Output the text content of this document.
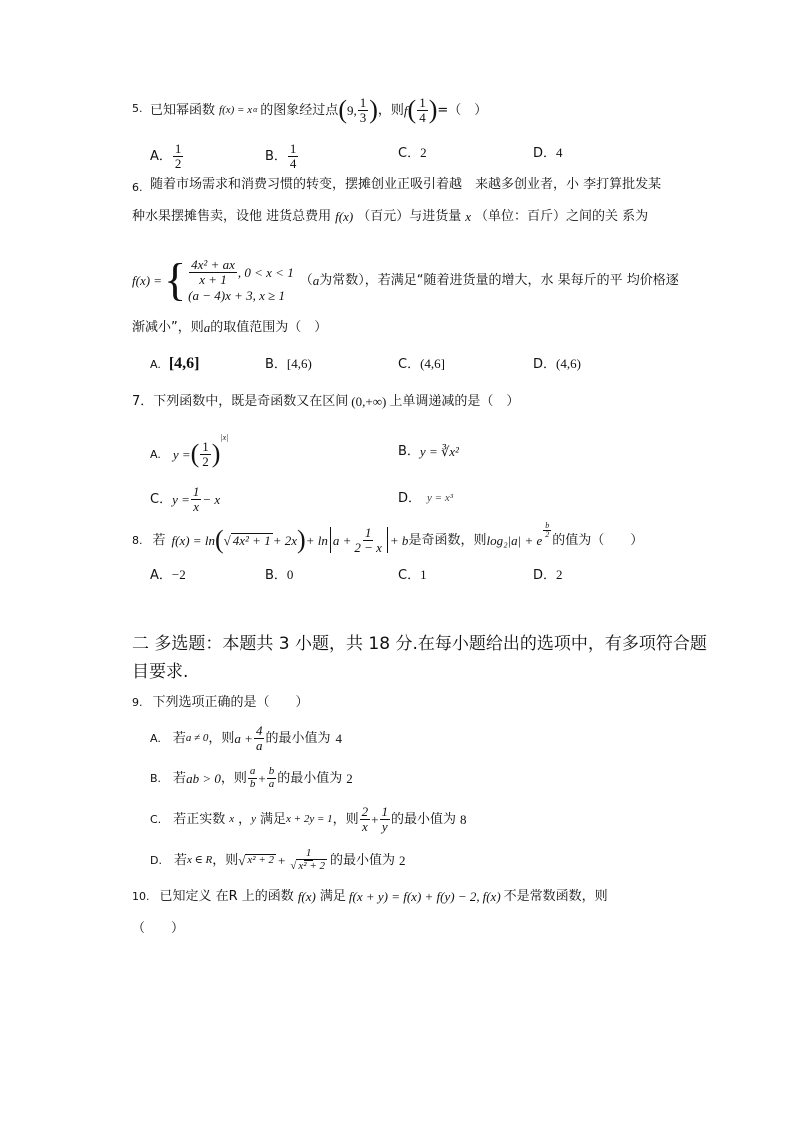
5. 已知幂函数 f(x) = x α 的图象经过点 ( 9, $\frac{1}{3}$ ) ，则 f ( $\frac{1}{4}$ ) =（　）
A． $\frac{1}{2}$	B． $\frac{1}{4}$	C．2	D．4
6. 随着市场需求和消费习惯的转变，摆摊创业正吸引着越　来越多创业者，小 李打算批发某
种水果摆摊售卖，设他 进货总费用 f(x) （百元）与进货量 x （单位：百斤）之间的关 系为
f(x) = { $\frac{\text{4x² + ax}}{x + 1}$ , 0 < x < 1
(a − 4)x + 3, x ≥ 1
（ a 为常数），若满足“随着进货量的增大，水 果每斤的平 均价格逐
渐减小”，则 a 的取值范围为（　）
A. [4,6]	B．[4,6)	C．(4,6]	D．(4,6)
7． 下列函数中，既是奇函数又在区间 (0,+∞) 上单调递减的是（　）
A. y = ( $\frac{1}{2}$ )
$^{|x|}$
B． y = ∛x²
C． $y = \frac{1}{x} - x$	D． y = x³
8. 若 f(x) = ln ( √ 4x² + 1 + 2x ) + $\ln a + \frac{1}{2 - x} + b$ 是奇函数，则 log₂|a| + e
$\frac{b}{2}$
的值为（　　）
A．−2	B．0	C．1	D．2
二 多选题：本题共 3 小题，共 18 分.在每小题给出的选项中，有多项符合题
目要求.
9. 下列选项正确的是（　　）
A. 若 a ≠ 0 ，则 $a + \frac{4}{a}$ 的最小值为 4
B. 若 ab > 0 ，则 $\frac{a}{b} + \frac{b}{a}$ 的最小值为 2
C. 若正实数 x ， y 满足 x + 2y = 1 ，则 $\frac{2}{x} + \frac{1}{y}$ 的最小值为 8
D. 若 x ∈ R ，则 √ $x^2 + 2 + \frac{1}{\text{√ x² + 2}}$ 的最小值为 2
10. 已知定义 在R 上的函数 f(x) 满足 f(x + y) = f(x) + f(y) − 2, f(x) 不是常数函数，则
（　　）
